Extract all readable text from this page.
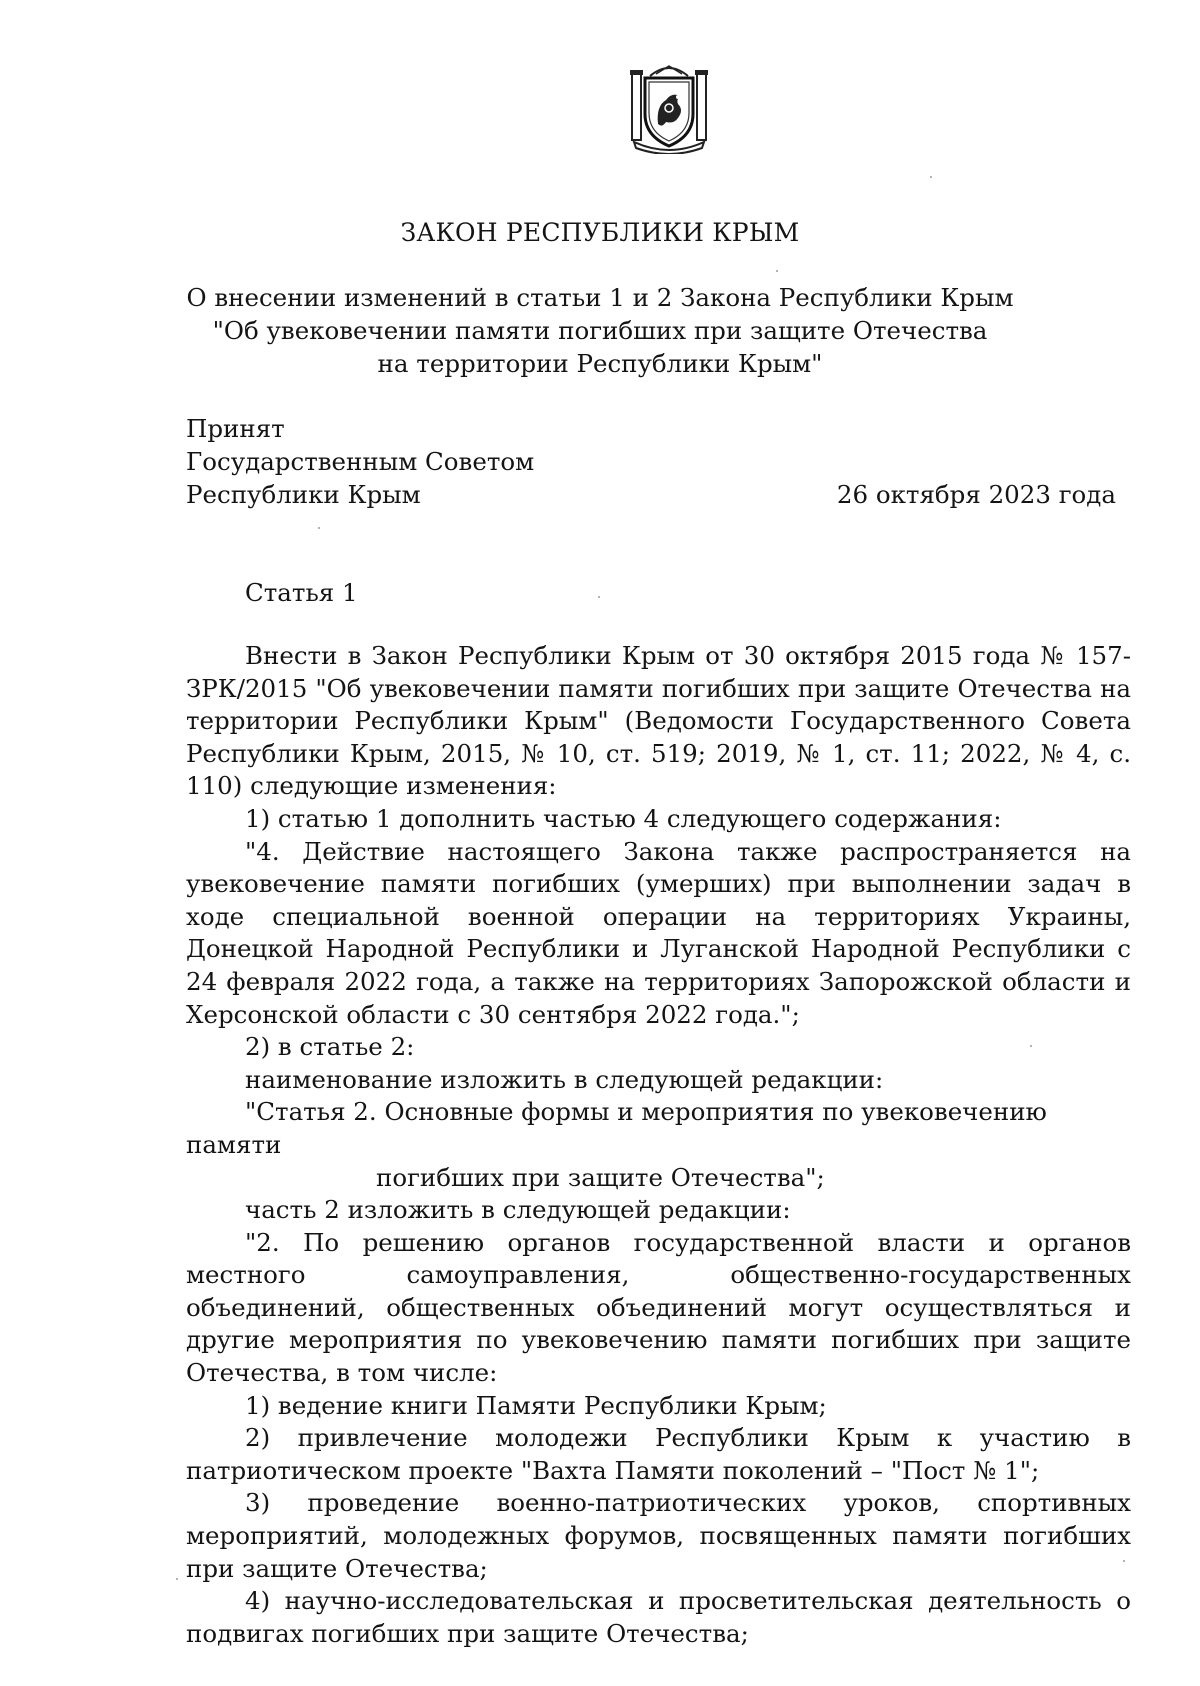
ЗАКОН РЕСПУБЛИКИ КРЫМ
О внесении изменений в статьи 1 и 2 Закона Республики Крым
"Об увековечении памяти погибших при защите Отечества
на территории Республики Крым"
Принят
Государственным Советом
Республики Крым	26 октября 2023 года
Статья 1

Внести в Закон Республики Крым от 30 октября 2015 года № 157-ЗРК/2015 "Об увековечении памяти погибших при защите Отечества на территории Республики Крым" (Ведомости Государственного Совета Республики Крым, 2015, № 10, ст. 519; 2019, № 1, ст. 11; 2022, № 4, с. 110) следующие изменения:

1) статью 1 дополнить частью 4 следующего содержания:

"4. Действие настоящего Закона также распространяется на увековечение памяти погибших (умерших) при выполнении задач в ходе специальной военной операции на территориях Украины, Донецкой Народной Республики и Луганской Народной Республики с 24 февраля 2022 года, а также на территориях Запорожской области и Херсонской области с 30 сентября 2022 года.";

2) в статье 2:

наименование изложить в следующей редакции:

"Статья 2. Основные формы и мероприятия по увековечению памяти

погибших при защите Отечества";

часть 2 изложить в следующей редакции:

"2. По решению органов государственной власти и органов местного самоуправления, общественно-государственных объединений, общественных объединений могут осуществляться и другие мероприятия по увековечению памяти погибших при защите Отечества, в том числе:

1) ведение книги Памяти Республики Крым;

2) привлечение молодежи Республики Крым к участию в патриотическом проекте "Вахта Памяти поколений – "Пост № 1";

3) проведение военно-патриотических уроков, спортивных мероприятий, молодежных форумов, посвященных памяти погибших при защите Отечества;

4) научно-исследовательская и просветительская деятельность о подвигах погибших при защите Отечества;
